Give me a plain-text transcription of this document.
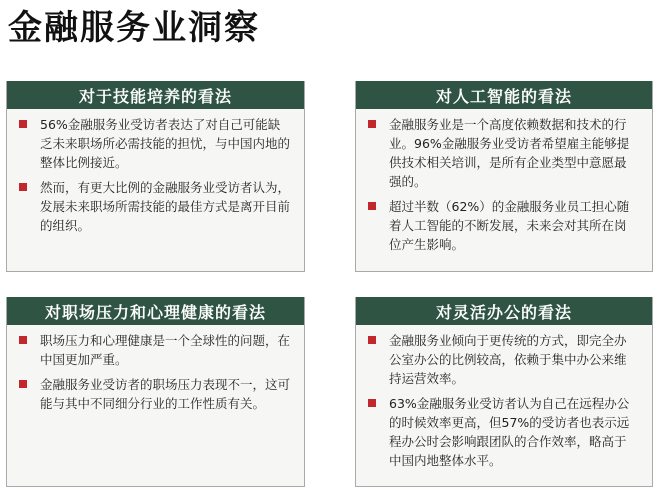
金融服务业洞察
对于技能培养的看法
56%金融服务业受访者表达了对自己可能缺乏未来职场所必需技能的担忧，与中国内地的整体比例接近。
然而，有更大比例的金融服务业受访者认为，发展未来职场所需技能的最佳方式是离开目前的组织。
对人工智能的看法
金融服务业是一个高度依赖数据和技术的行业。96%金融服务业受访者希望雇主能够提供技术相关培训，是所有企业类型中意愿最强的。
超过半数（62%）的金融服务业员工担心随着人工智能的不断发展，未来会对其所在岗位产生影响。
对职场压力和心理健康的看法
职场压力和心理健康是一个全球性的问题，在中国更加严重。
金融服务业受访者的职场压力表现不一，这可能与其中不同细分行业的工作性质有关。
对灵活办公的看法
金融服务业倾向于更传统的方式，即完全办公室办公的比例较高，依赖于集中办公来维持运营效率。
63%金融服务业受访者认为自己在远程办公的时候效率更高，但57%的受访者也表示远程办公时会影响跟团队的合作效率，略高于中国内地整体水平。
